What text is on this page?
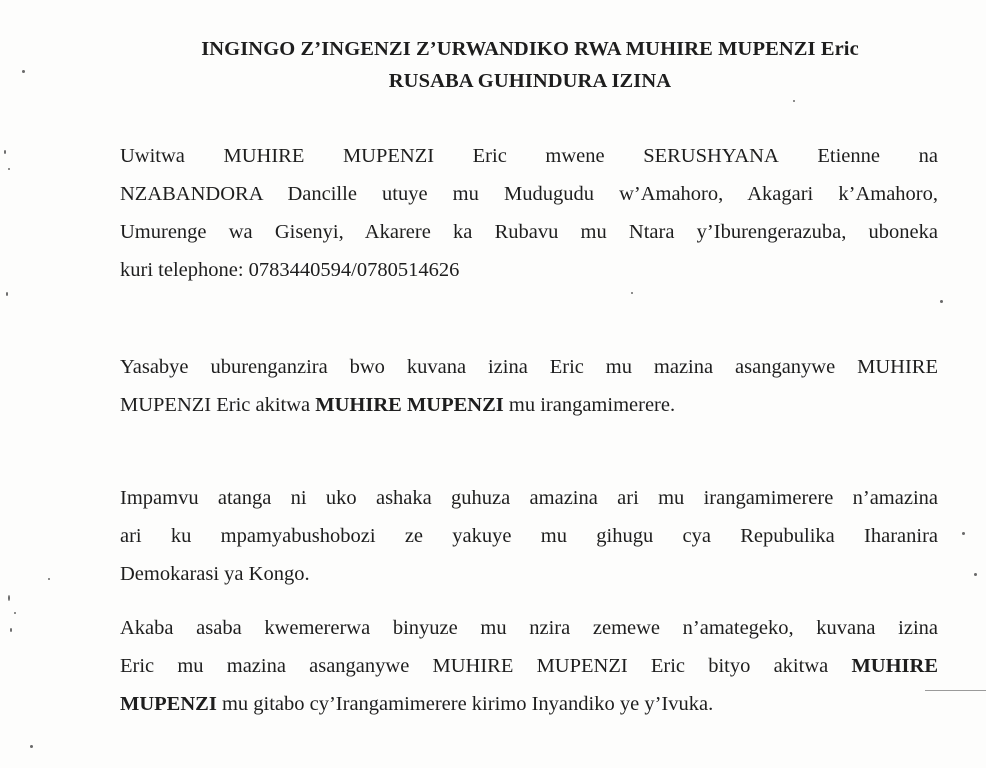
INGINGO Z’INGENZI Z’URWANDIKO RWA MUHIRE MUPENZI Eric
RUSABA GUHINDURA IZINA
Uwitwa MUHIRE MUPENZI Eric mwene SERUSHYANA Etienne na
NZABANDORA Dancille utuye mu Mudugudu w’Amahoro, Akagari k’Amahoro,
Umurenge wa Gisenyi, Akarere ka Rubavu mu Ntara y’Iburengerazuba, uboneka
kuri telephone: 0783440594/0780514626
Yasabye uburenganzira bwo kuvana izina Eric mu mazina asanganywe MUHIRE
MUPENZI Eric akitwa MUHIRE MUPENZI mu irangamimerere.
Impamvu atanga ni uko ashaka guhuza amazina ari mu irangamimerere n’amazina
ari ku mpamyabushobozi ze yakuye mu gihugu cya Repubulika Iharanira
Demokarasi ya Kongo.
Akaba asaba kwemererwa binyuze mu nzira zemewe n’amategeko, kuvana izina
Eric mu mazina asanganywe MUHIRE MUPENZI Eric bityo akitwa MUHIRE
MUPENZI mu gitabo cy’Irangamimerere kirimo Inyandiko ye y’Ivuka.
